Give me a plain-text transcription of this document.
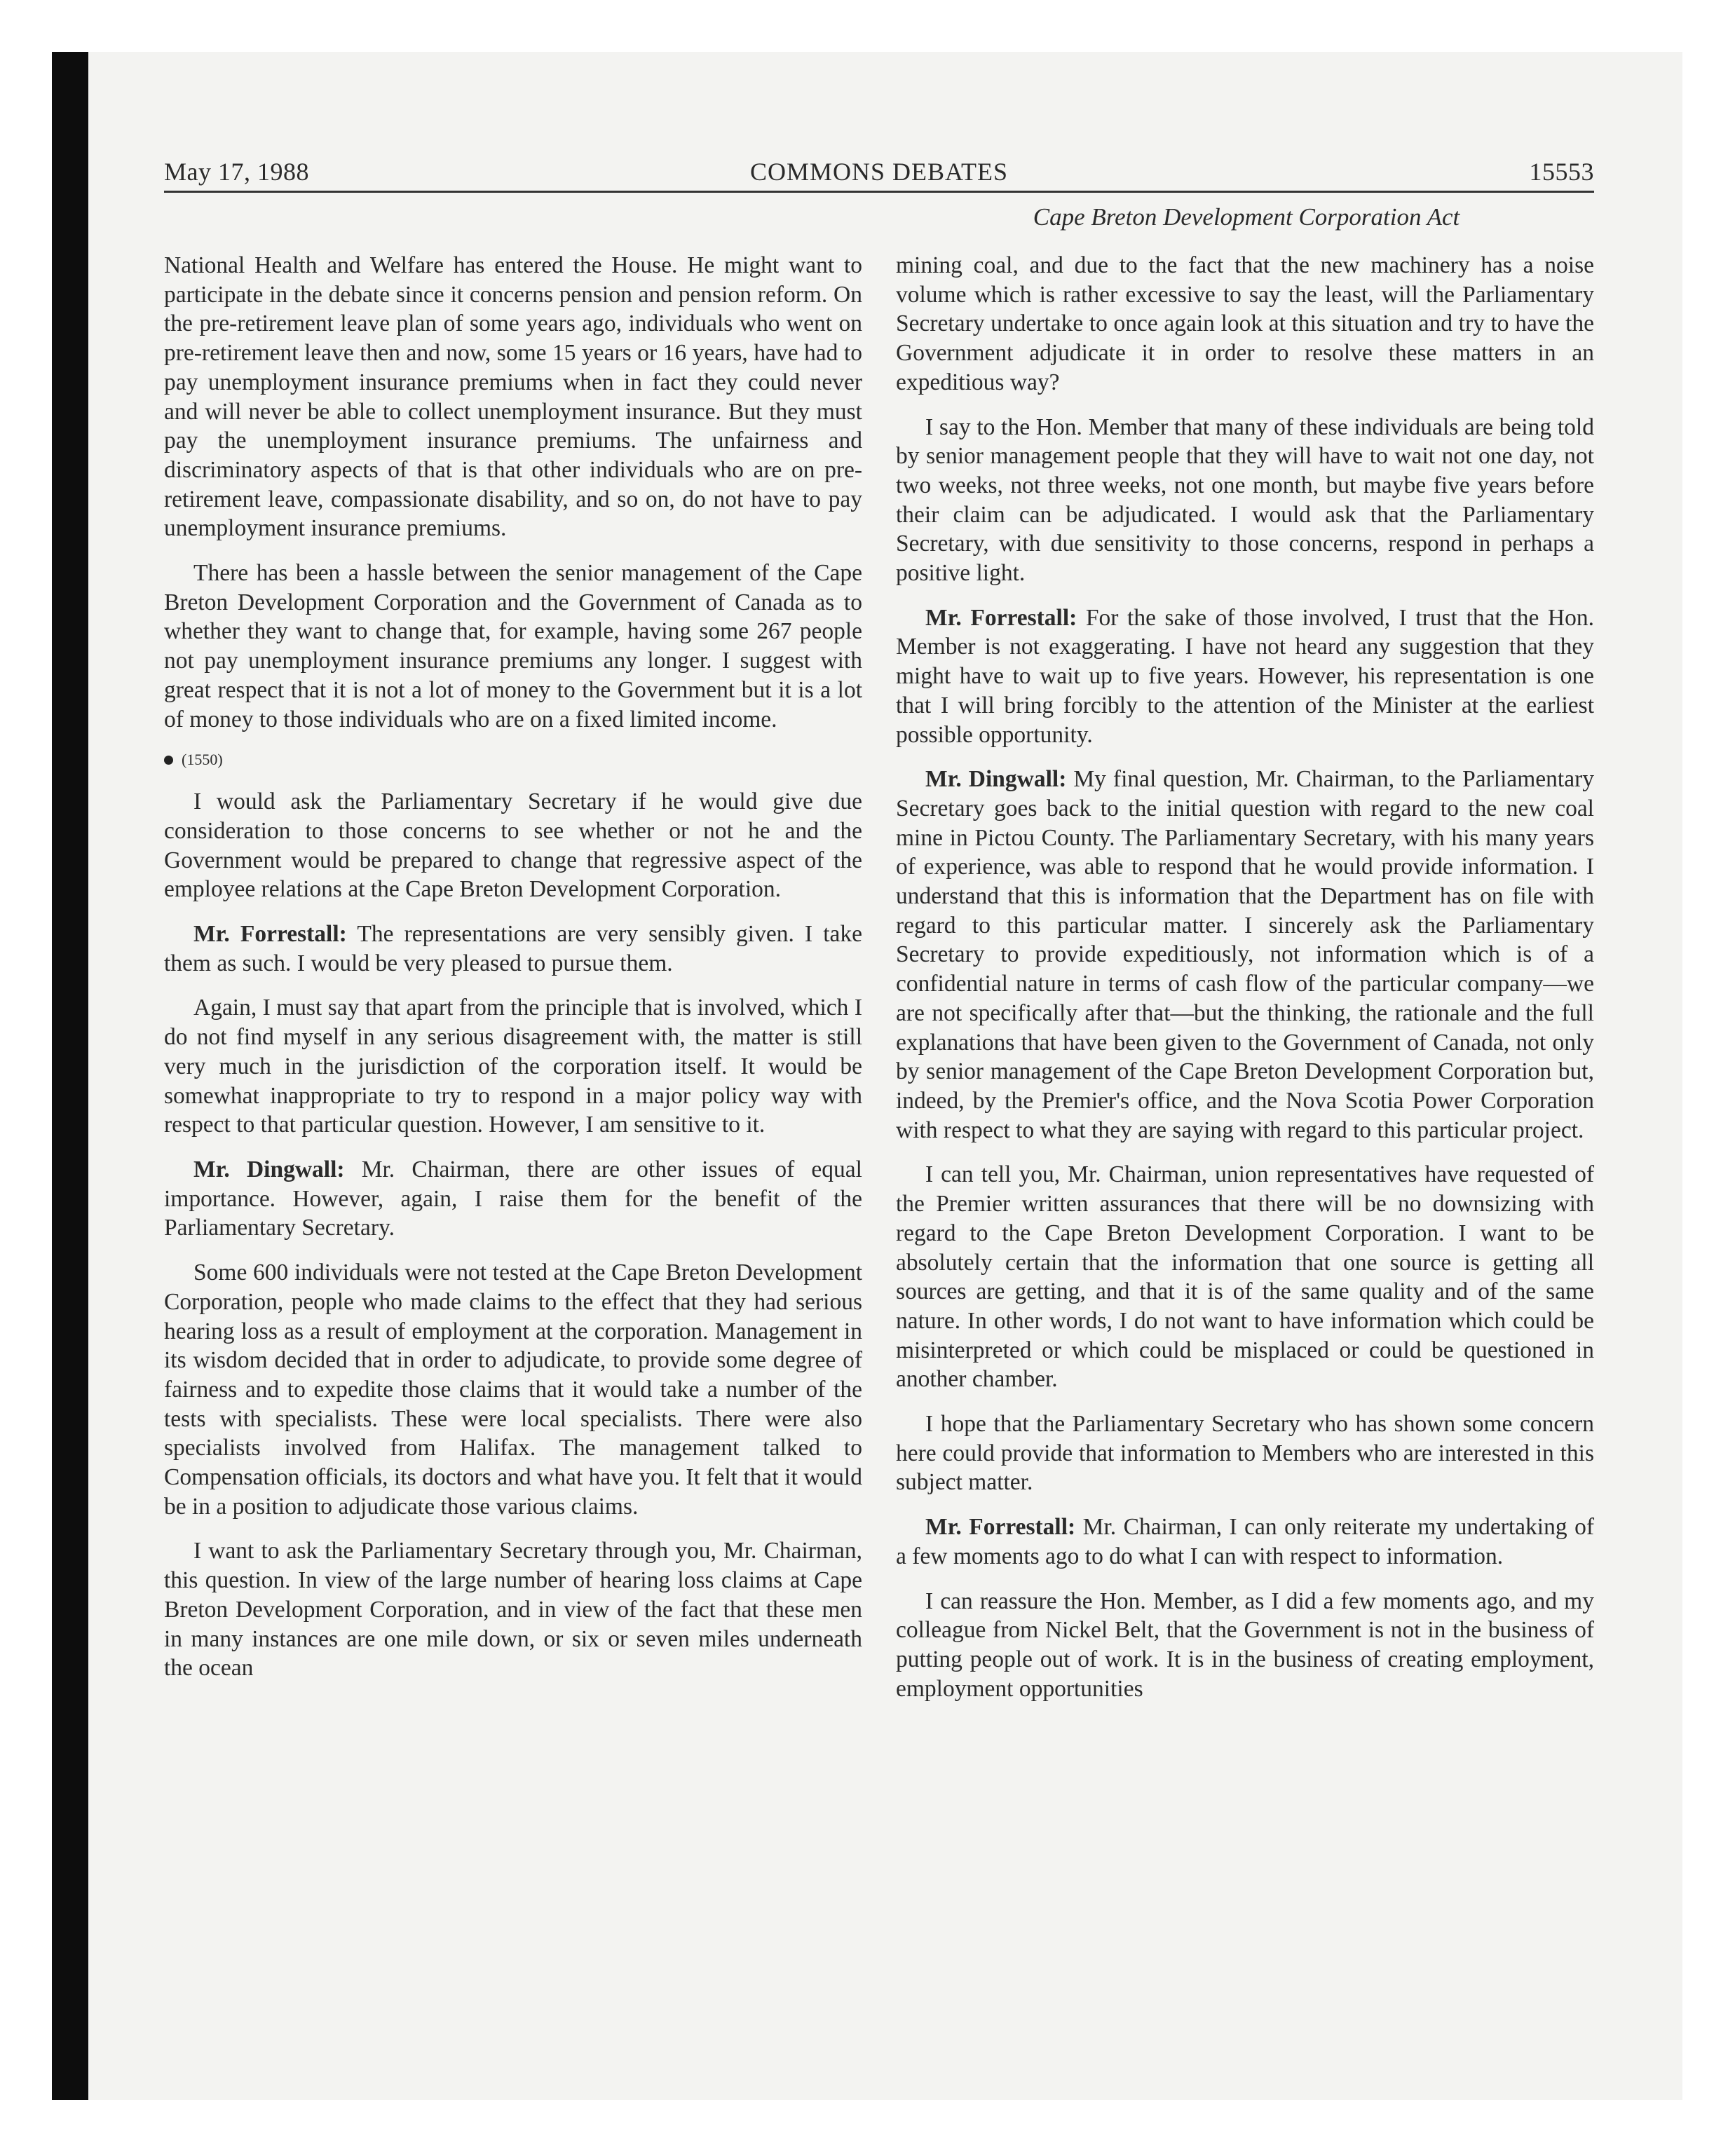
May 17, 1988	COMMONS DEBATES	15553
Cape Breton Development Corporation Act

National Health and Welfare has entered the House. He might want to participate in the debate since it concerns pension and pension reform. On the pre-retirement leave plan of some years ago, individuals who went on pre-retirement leave then and now, some 15 years or 16 years, have had to pay unemployment insurance premiums when in fact they could never and will never be able to collect unemployment insurance. But they must pay the unemployment insurance premiums. The unfairness and discriminatory aspects of that is that other individuals who are on pre-retirement leave, compassionate disability, and so on, do not have to pay unemployment insurance premiums.

There has been a hassle between the senior management of the Cape Breton Development Corporation and the Government of Canada as to whether they want to change that, for example, having some 267 people not pay unemployment insurance premiums any longer. I suggest with great respect that it is not a lot of money to the Government but it is a lot of money to those individuals who are on a fixed limited income.

(1550)

I would ask the Parliamentary Secretary if he would give due consideration to those concerns to see whether or not he and the Government would be prepared to change that regressive aspect of the employee relations at the Cape Breton Development Corporation.

Mr. Forrestall: The representations are very sensibly given. I take them as such. I would be very pleased to pursue them.

Again, I must say that apart from the principle that is involved, which I do not find myself in any serious disagreement with, the matter is still very much in the jurisdiction of the corporation itself. It would be somewhat inappropriate to try to respond in a major policy way with respect to that particular question. However, I am sensitive to it.

Mr. Dingwall: Mr. Chairman, there are other issues of equal importance. However, again, I raise them for the benefit of the Parliamentary Secretary.

Some 600 individuals were not tested at the Cape Breton Development Corporation, people who made claims to the effect that they had serious hearing loss as a result of employment at the corporation. Management in its wisdom decided that in order to adjudicate, to provide some degree of fairness and to expedite those claims that it would take a number of the tests with specialists. These were local specialists. There were also specialists involved from Halifax. The management talked to Compensation officials, its doctors and what have you. It felt that it would be in a position to adjudicate those various claims.

I want to ask the Parliamentary Secretary through you, Mr. Chairman, this question. In view of the large number of hearing loss claims at Cape Breton Development Corporation, and in view of the fact that these men in many instances are one mile down, or six or seven miles underneath the ocean

mining coal, and due to the fact that the new machinery has a noise volume which is rather excessive to say the least, will the Parliamentary Secretary undertake to once again look at this situation and try to have the Government adjudicate it in order to resolve these matters in an expeditious way?

I say to the Hon. Member that many of these individuals are being told by senior management people that they will have to wait not one day, not two weeks, not three weeks, not one month, but maybe five years before their claim can be adjudicated. I would ask that the Parliamentary Secretary, with due sensitivity to those concerns, respond in perhaps a positive light.

Mr. Forrestall: For the sake of those involved, I trust that the Hon. Member is not exaggerating. I have not heard any suggestion that they might have to wait up to five years. However, his representation is one that I will bring forcibly to the attention of the Minister at the earliest possible opportunity.

Mr. Dingwall: My final question, Mr. Chairman, to the Parliamentary Secretary goes back to the initial question with regard to the new coal mine in Pictou County. The Parliamentary Secretary, with his many years of experience, was able to respond that he would provide information. I understand that this is information that the Department has on file with regard to this particular matter. I sincerely ask the Parliamentary Secretary to provide expeditiously, not information which is of a confidential nature in terms of cash flow of the particular company—we are not specifically after that—but the thinking, the rationale and the full explanations that have been given to the Government of Canada, not only by senior management of the Cape Breton Development Corporation but, indeed, by the Premier's office, and the Nova Scotia Power Corporation with respect to what they are saying with regard to this particular project.

I can tell you, Mr. Chairman, union representatives have requested of the Premier written assurances that there will be no downsizing with regard to the Cape Breton Development Corporation. I want to be absolutely certain that the information that one source is getting all sources are getting, and that it is of the same quality and of the same nature. In other words, I do not want to have information which could be misinterpreted or which could be misplaced or could be questioned in another chamber.

I hope that the Parliamentary Secretary who has shown some concern here could provide that information to Members who are interested in this subject matter.

Mr. Forrestall: Mr. Chairman, I can only reiterate my undertaking of a few moments ago to do what I can with respect to information.

I can reassure the Hon. Member, as I did a few moments ago, and my colleague from Nickel Belt, that the Government is not in the business of putting people out of work. It is in the business of creating employment, employment opportunities
